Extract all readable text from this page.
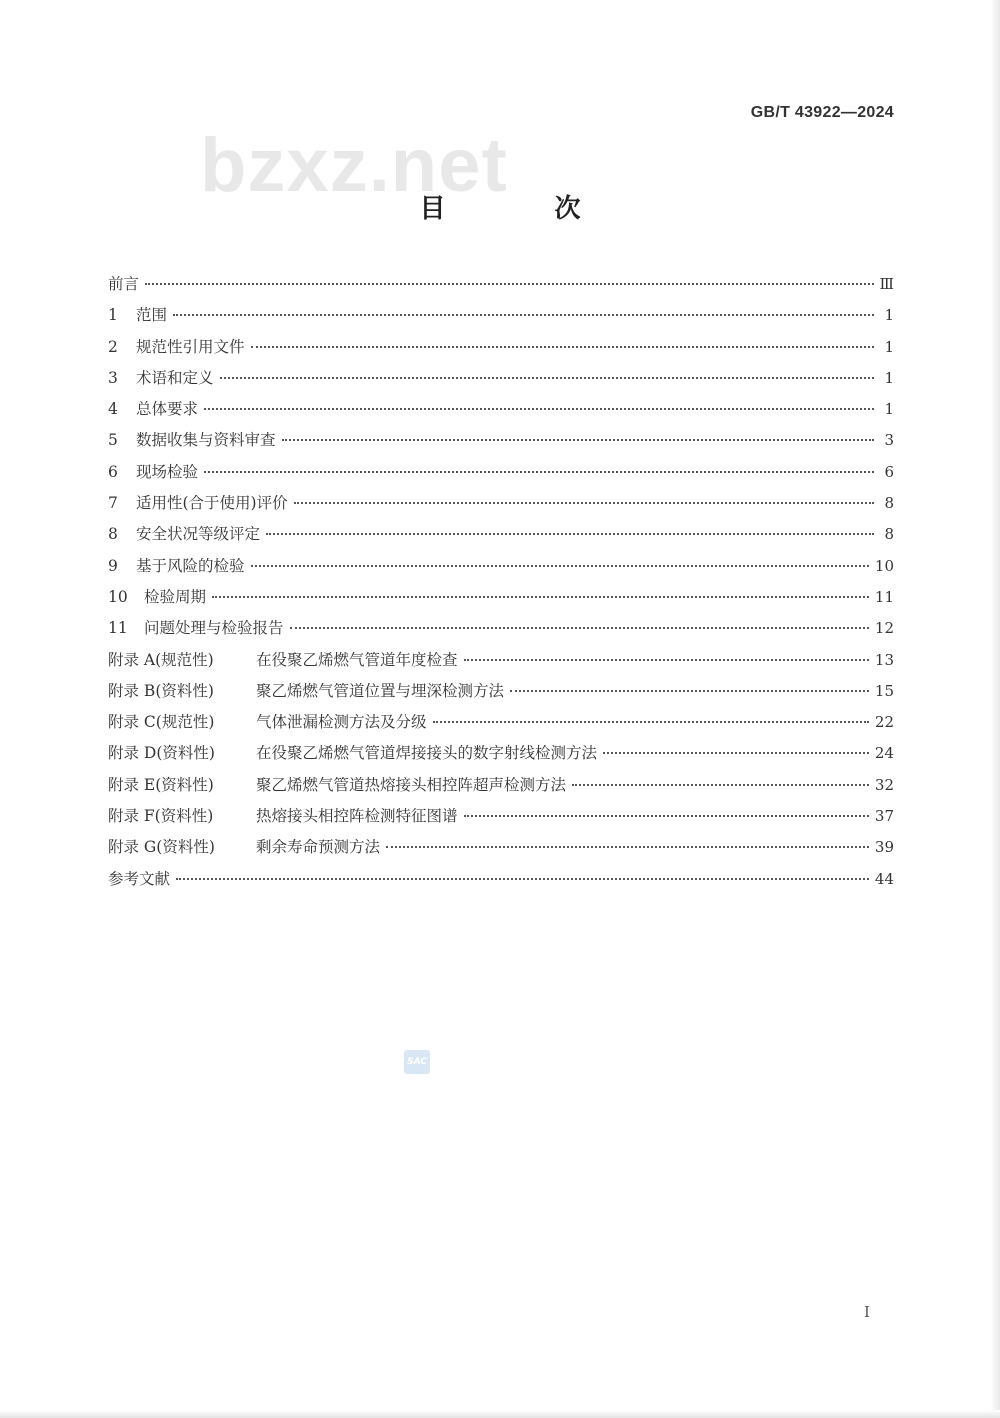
bzxz.net
GB/T 43922—2024
目 次
前言	Ⅲ
1 范围	1
2 规范性引用文件	1
3 术语和定义	1
4 总体要求	1
5 数据收集与资料审查	3
6 现场检验	6
7 适用性(合于使用)评价	8
8 安全状况等级评定	8
9 基于风险的检验	10
10 检验周期	11
11 问题处理与检验报告	12
附录 A(规范性)	在役聚乙烯燃气管道年度检查	13
附录 B(资料性)	聚乙烯燃气管道位置与埋深检测方法	15
附录 C(规范性)	气体泄漏检测方法及分级	22
附录 D(资料性)	在役聚乙烯燃气管道焊接接头的数字射线检测方法	24
附录 E(资料性)	聚乙烯燃气管道热熔接头相控阵超声检测方法	32
附录 F(资料性)	热熔接头相控阵检测特征图谱	37
附录 G(资料性)	剩余寿命预测方法	39
参考文献	44
SAC
I
